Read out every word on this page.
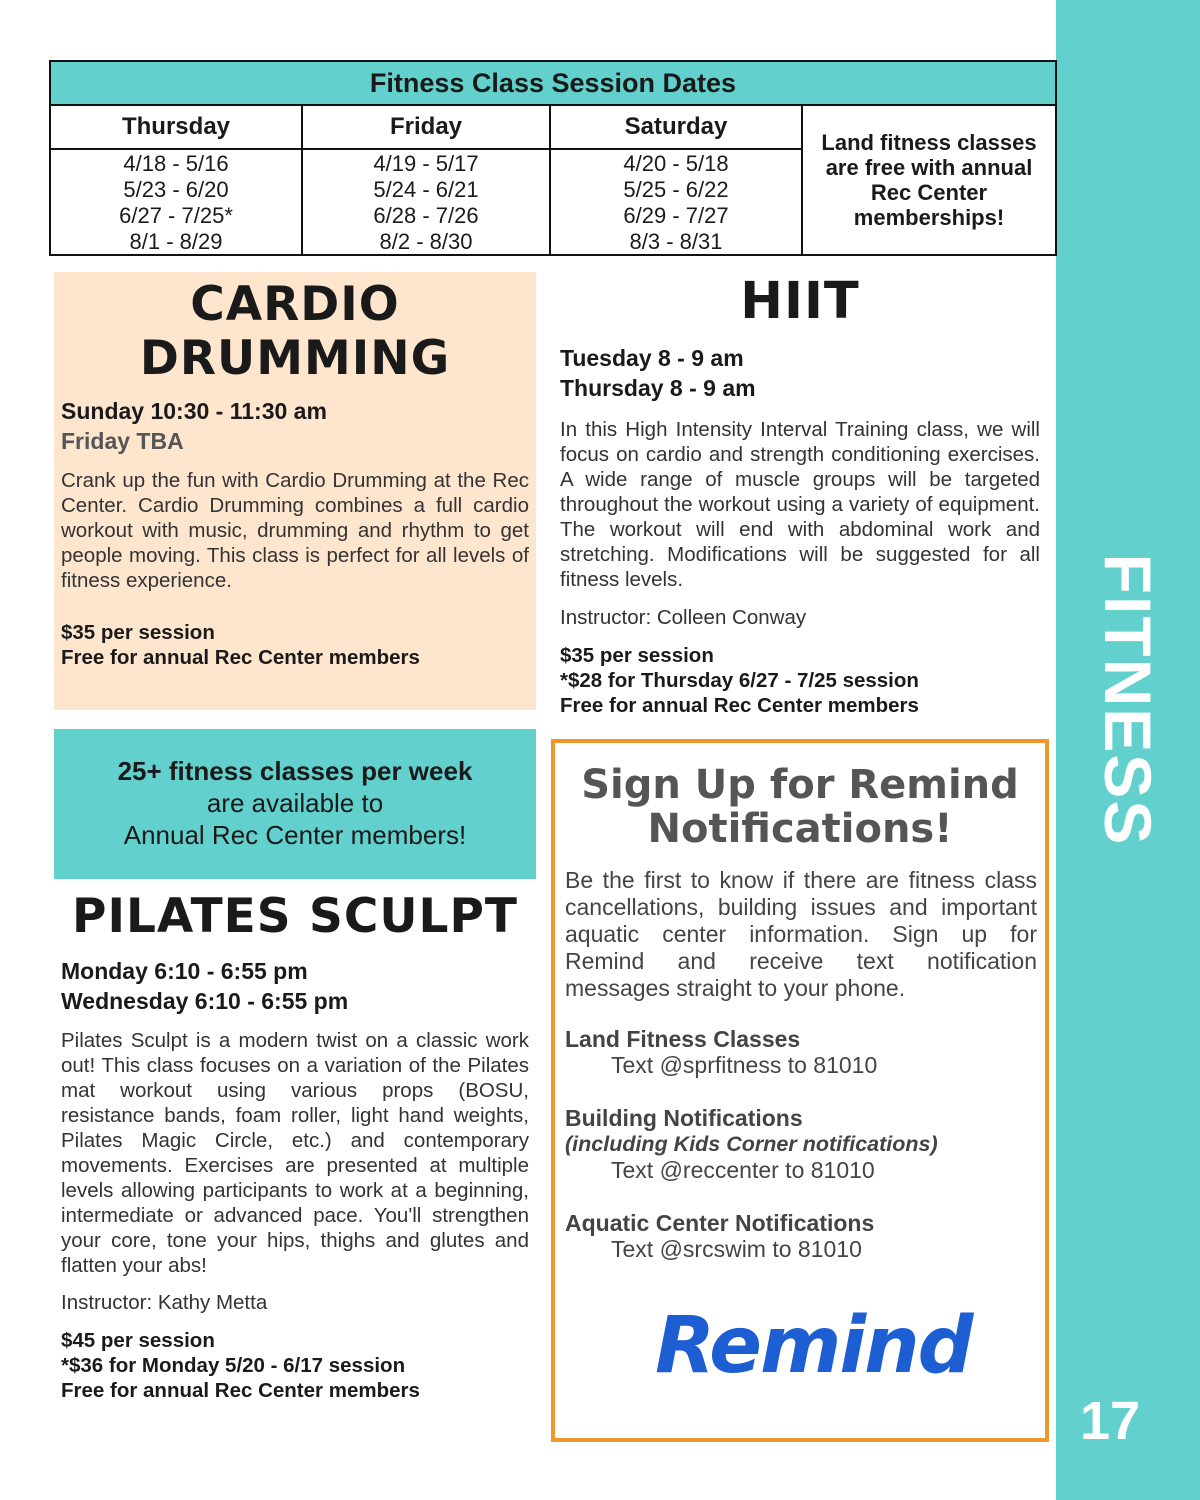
FITNESS
17
Fitness Class Session Dates
Thursday
4/18 - 5/16
5/23 - 6/20
6/27 - 7/25*
8/1 - 8/29
Friday
4/19 - 5/17
5/24 - 6/21
6/28 - 7/26
8/2 - 8/30
Saturday
4/20 - 5/18
5/25 - 6/22
6/29 - 7/27
8/3 - 8/31
Land fitness classes are free with annual Rec Center memberships!
CARDIO
DRUMMING
Sunday 10:30 - 11:30 am
Friday TBA
Crank up the fun with Cardio Drumming at the Rec Center. Cardio Drumming combines a full cardio workout with music, drumming and rhythm to get people moving. This class is perfect for all levels of fitness experience.
$35 per session
Free for annual Rec Center members
25+ fitness classes per week
are available to
Annual Rec Center members!
PILATES SCULPT
Monday 6:10 - 6:55 pm
Wednesday 6:10 - 6:55 pm
Pilates Sculpt is a modern twist on a classic work out! This class focuses on a variation of the Pilates mat workout using various props (BOSU, resistance bands, foam roller, light hand weights, Pilates Magic Circle, etc.) and contemporary movements. Exercises are presented at multiple levels allowing participants to work at a beginning, intermediate or advanced pace. You'll strengthen your core, tone your hips, thighs and glutes and flatten your abs!
Instructor: Kathy Metta
$45 per session
*$36 for Monday 5/20 - 6/17 session
Free for annual Rec Center members
HIIT
Tuesday 8 - 9 am
Thursday 8 - 9 am
In this High Intensity Interval Training class, we will focus on cardio and strength conditioning exercises. A wide range of muscle groups will be targeted throughout the workout using a variety of equipment. The workout will end with abdominal work and stretching. Modifications will be suggested for all fitness levels.
Instructor: Colleen Conway
$35 per session
*$28 for Thursday 6/27 - 7/25 session
Free for annual Rec Center members
Sign Up for Remind
Notifications!
Be the first to know if there are fitness class cancellations, building issues and important aquatic center information. Sign up for Remind and receive text notification messages straight to your phone.
Land Fitness Classes
Text @sprfitness to 81010
Building Notifications
(including Kids Corner notifications)
Text @reccenter to 81010
Aquatic Center Notifications
Text @srcswim to 81010
Remind
